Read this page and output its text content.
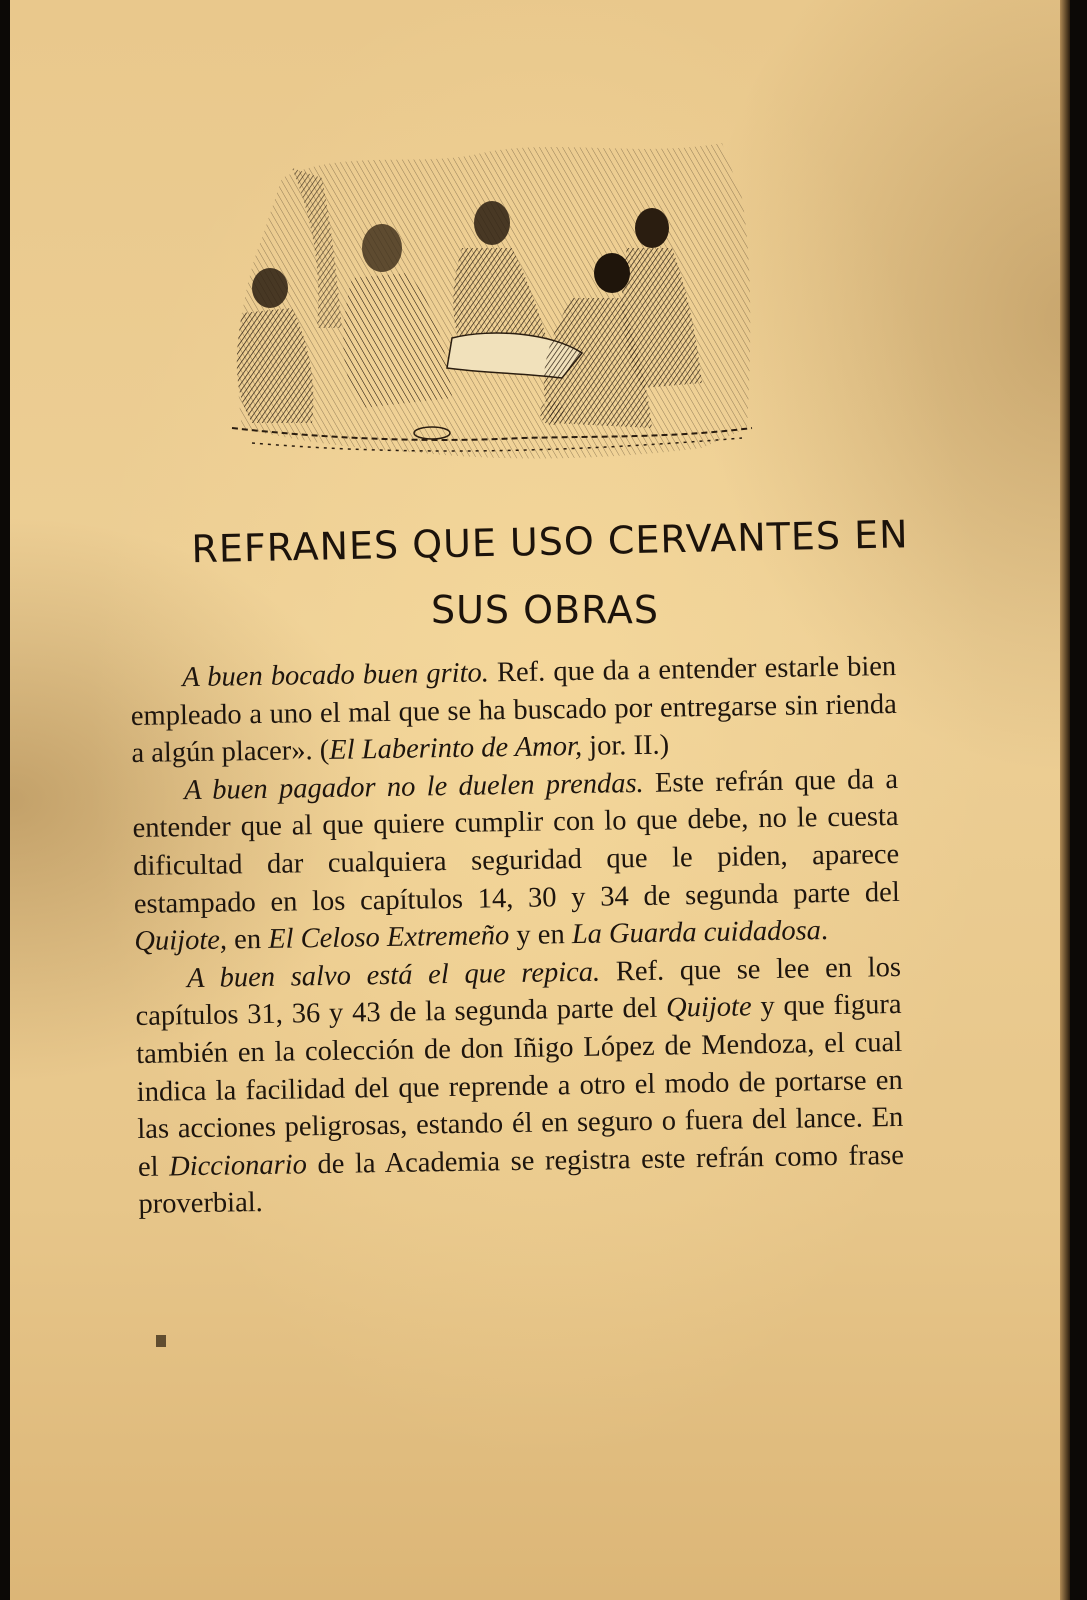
REFRANES QUE USO CERVANTES EN
SUS OBRAS

A buen bocado buen grito. Ref. que da a entender estarle bien empleado a uno el mal que se ha buscado por entregarse sin rienda a algún placer». (El Laberinto de Amor, jor. II.)

A buen pagador no le duelen prendas. Este refrán que da a entender que al que quiere cumplir con lo que debe, no le cuesta dificultad dar cualquiera seguridad que le piden, aparece estampado en los capítulos 14, 30 y 34 de segunda parte del Quijote, en El Celoso Extremeño y en La Guarda cuidadosa.

A buen salvo está el que repica. Ref. que se lee en los capítulos 31, 36 y 43 de la segunda parte del Quijote y que figura también en la colección de don Iñigo López de Mendoza, el cual indica la facilidad del que reprende a otro el modo de portarse en las acciones peligrosas, estando él en seguro o fuera del lance. En el Diccionario de la Academia se registra este refrán como frase proverbial.
